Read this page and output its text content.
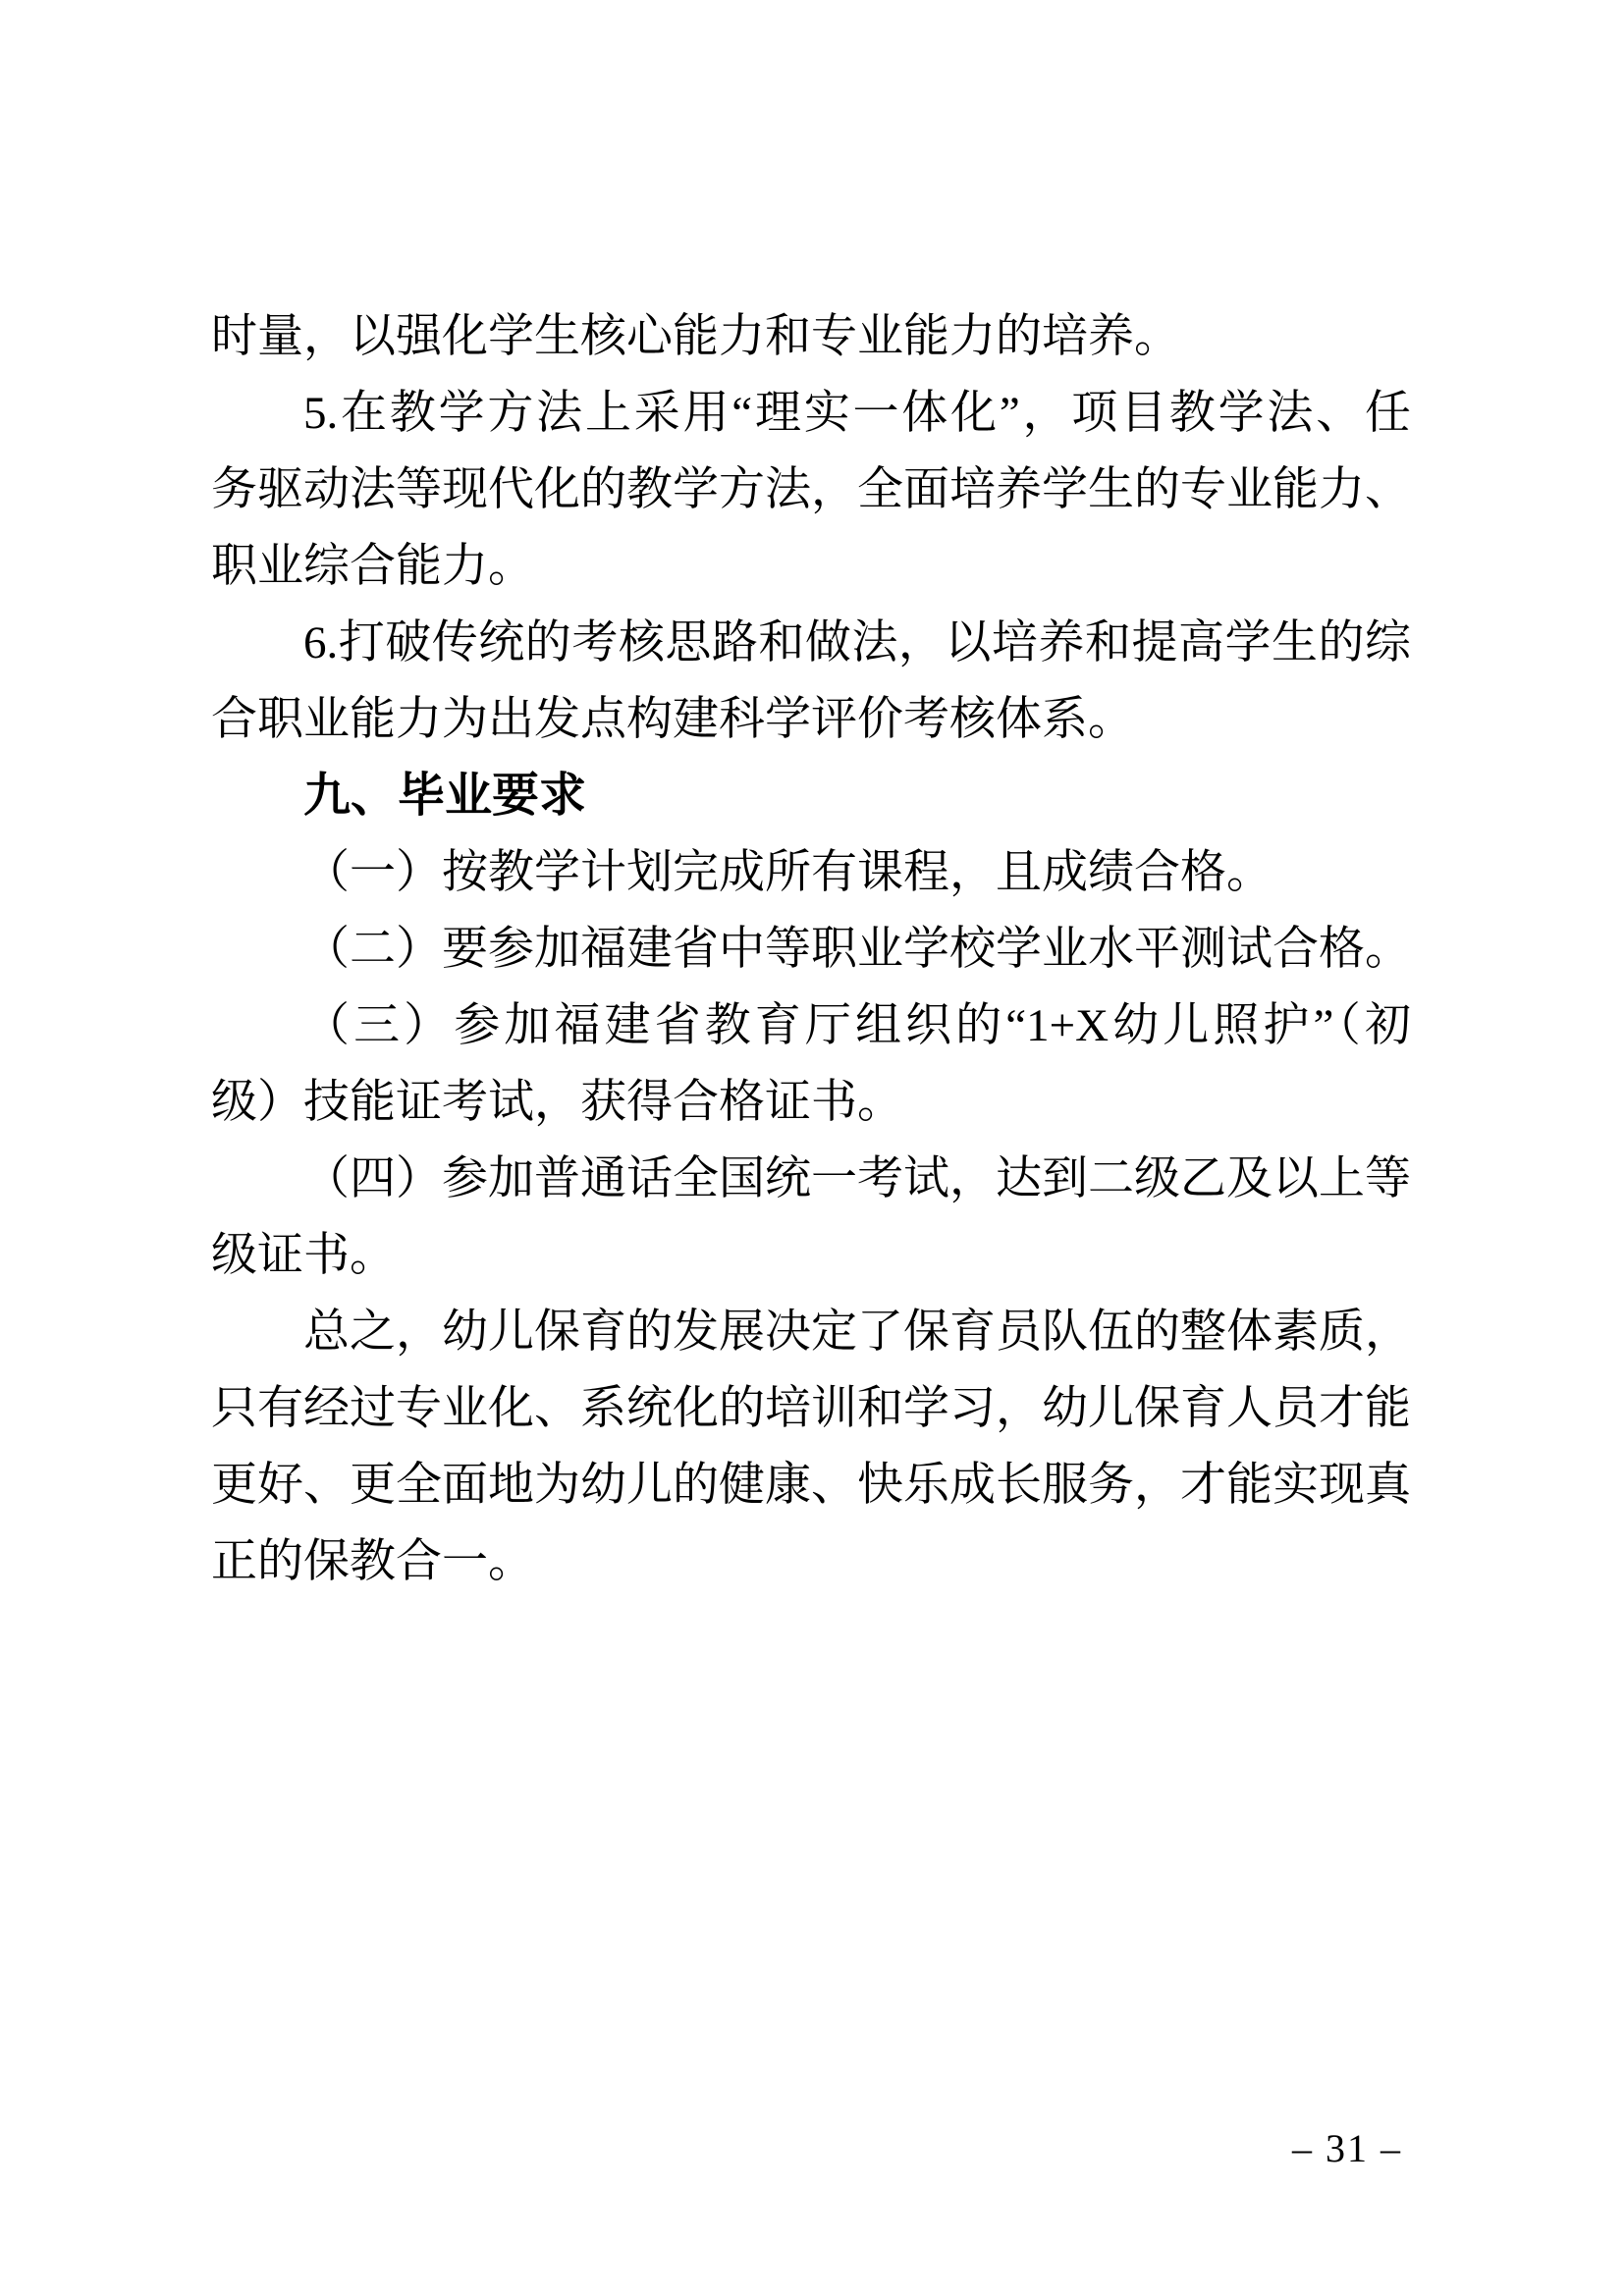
时量，以强化学生核心能力和专业能力的培养。

5.在教学方法上采用“理实一体化”，项目教学法、任

务驱动法等现代化的教学方法，全面培养学生的专业能力、

职业综合能力。

6.打破传统的考核思路和做法，以培养和提高学生的综

合职业能力为出发点构建科学评价考核体系。

九、毕业要求

（一）按教学计划完成所有课程，且成绩合格。

（二）要参加福建省中等职业学校学业水平测试合格。

（三）参加福建省教育厅组织的“1+X幼儿照护”（初

级）技能证考试，获得合格证书。

（四）参加普通话全国统一考试，达到二级乙及以上等

级证书。

总之，幼儿保育的发展决定了保育员队伍的整体素质，

只有经过专业化、系统化的培训和学习，幼儿保育人员才能

更好、更全面地为幼儿的健康、快乐成长服务，才能实现真

正的保教合一。

– 31 –
